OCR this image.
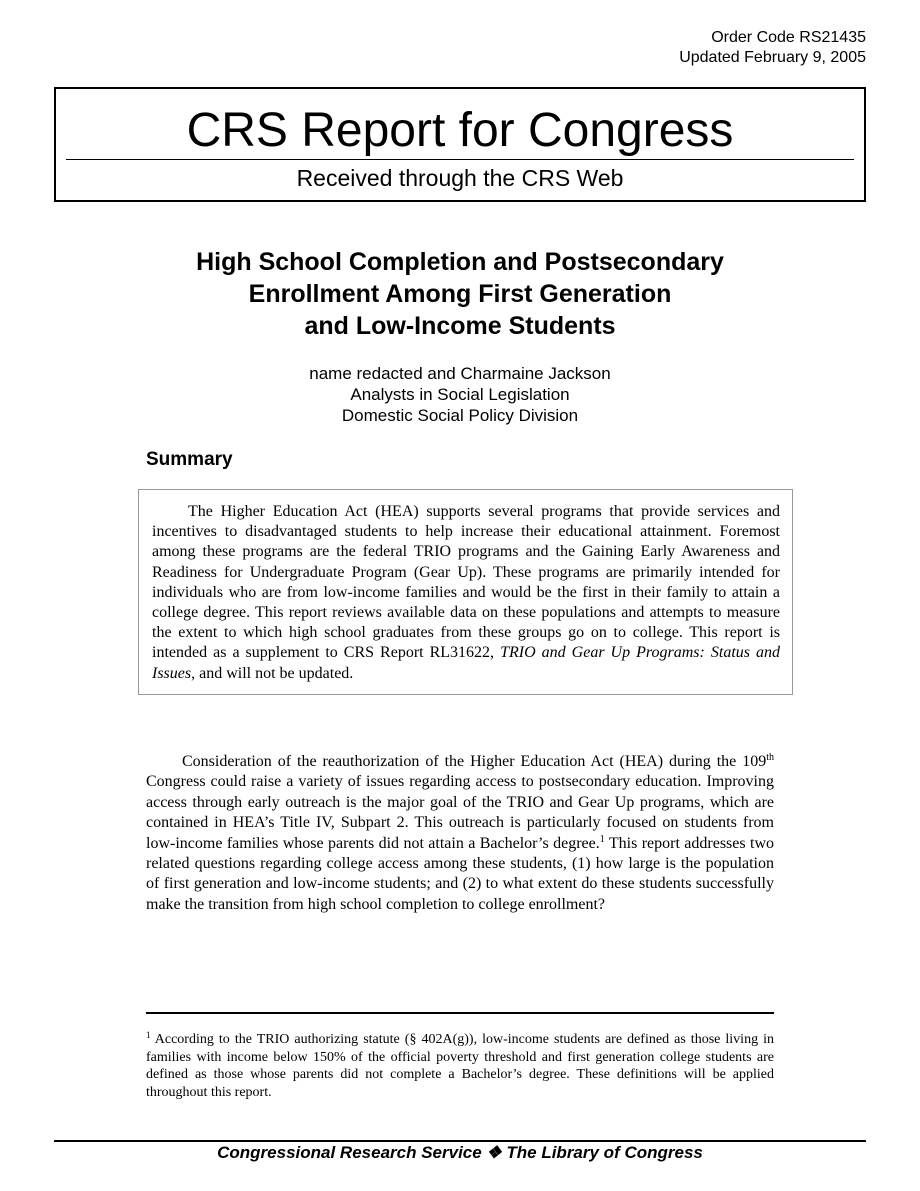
Order Code RS21435
Updated February 9, 2005
CRS Report for Congress
Received through the CRS Web
High School Completion and Postsecondary
Enrollment Among First Generation
and Low-Income Students
name redacted and Charmaine Jackson
Analysts in Social Legislation
Domestic Social Policy Division
Summary

The Higher Education Act (HEA) supports several programs that provide services and incentives to disadvantaged students to help increase their educational attainment. Foremost among these programs are the federal TRIO programs and the Gaining Early Awareness and Readiness for Undergraduate Program (Gear Up). These programs are primarily intended for individuals who are from low-income families and would be the first in their family to attain a college degree. This report reviews available data on these populations and attempts to measure the extent to which high school graduates from these groups go on to college. This report is intended as a supplement to CRS Report RL31622, TRIO and Gear Up Programs: Status and Issues, and will not be updated.

Consideration of the reauthorization of the Higher Education Act (HEA) during the 109th Congress could raise a variety of issues regarding access to postsecondary education. Improving access through early outreach is the major goal of the TRIO and Gear Up programs, which are contained in HEA’s Title IV, Subpart 2. This outreach is particularly focused on students from low-income families whose parents did not attain a Bachelor’s degree.$^1$ This report addresses two related questions regarding college access among these students, (1) how large is the population of first generation and low-income students; and (2) to what extent do these students successfully make the transition from high school completion to college enrollment?

$^1$ According to the TRIO authorizing statute (§ 402A(g)), low-income students are defined as those living in families with income below 150% of the official poverty threshold and first generation college students are defined as those whose parents did not complete a Bachelor’s degree. These definitions will be applied throughout this report.
Congressional Research Service ❖ The Library of Congress
